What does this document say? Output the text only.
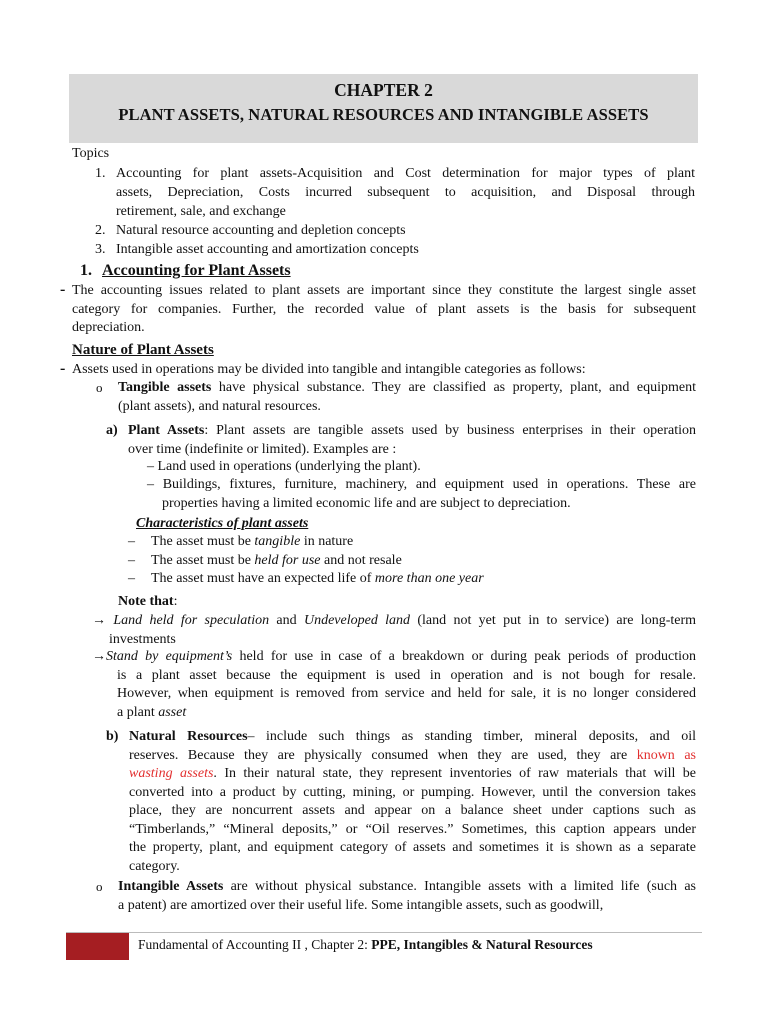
CHAPTER 2
PLANT ASSETS, NATURAL RESOURCES AND INTANGIBLE ASSETS
Topics
1. Accounting for plant assets-Acquisition and Cost determination for major types of plant
assets, Depreciation, Costs incurred subsequent to acquisition, and Disposal through
retirement, sale, and exchange
2. Natural resource accounting and depletion concepts
3. Intangible asset accounting and amortization concepts
1. Accounting for Plant Assets
- The accounting issues related to plant assets are important since they constitute the largest single asset
category for companies. Further, the recorded value of plant assets is the basis for subsequent
depreciation.
Nature of Plant Assets
- Assets used in operations may be divided into tangible and intangible categories as follows:
o Tangible assets have physical substance. They are classified as property, plant, and equipment
(plant assets), and natural resources.
a) Plant Assets: Plant assets are tangible assets used by business enterprises in their operation
over time (indefinite or limited). Examples are :
– Land used in operations (underlying the plant).
– Buildings, fixtures, furniture, machinery, and equipment used in operations. These are
properties having a limited economic life and are subject to depreciation.
Characteristics of plant assets
– The asset must be tangible in nature
– The asset must be held for use and not resale
– The asset must have an expected life of more than one year
Note that:
→ Land held for speculation and Undeveloped land (land not yet put in to service) are long-term
investments
→Stand by equipment’s held for use in case of a breakdown or during peak periods of production
is a plant asset because the equipment is used in operation and is not bough for resale.
However, when equipment is removed from service and held for sale, it is no longer considered
a plant asset
b) Natural Resources– include such things as standing timber, mineral deposits, and oil
reserves. Because they are physically consumed when they are used, they are known as
wasting assets. In their natural state, they represent inventories of raw materials that will be
converted into a product by cutting, mining, or pumping. However, until the conversion takes
place, they are noncurrent assets and appear on a balance sheet under captions such as
“Timberlands,” “Mineral deposits,” or “Oil reserves.” Sometimes, this caption appears under
the property, plant, and equipment category of assets and sometimes it is shown as a separate
category.
o Intangible Assets are without physical substance. Intangible assets with a limited life (such as
a patent) are amortized over their useful life. Some intangible assets, such as goodwill,
Fundamental of Accounting II , Chapter 2: PPE, Intangibles & Natural Resources
